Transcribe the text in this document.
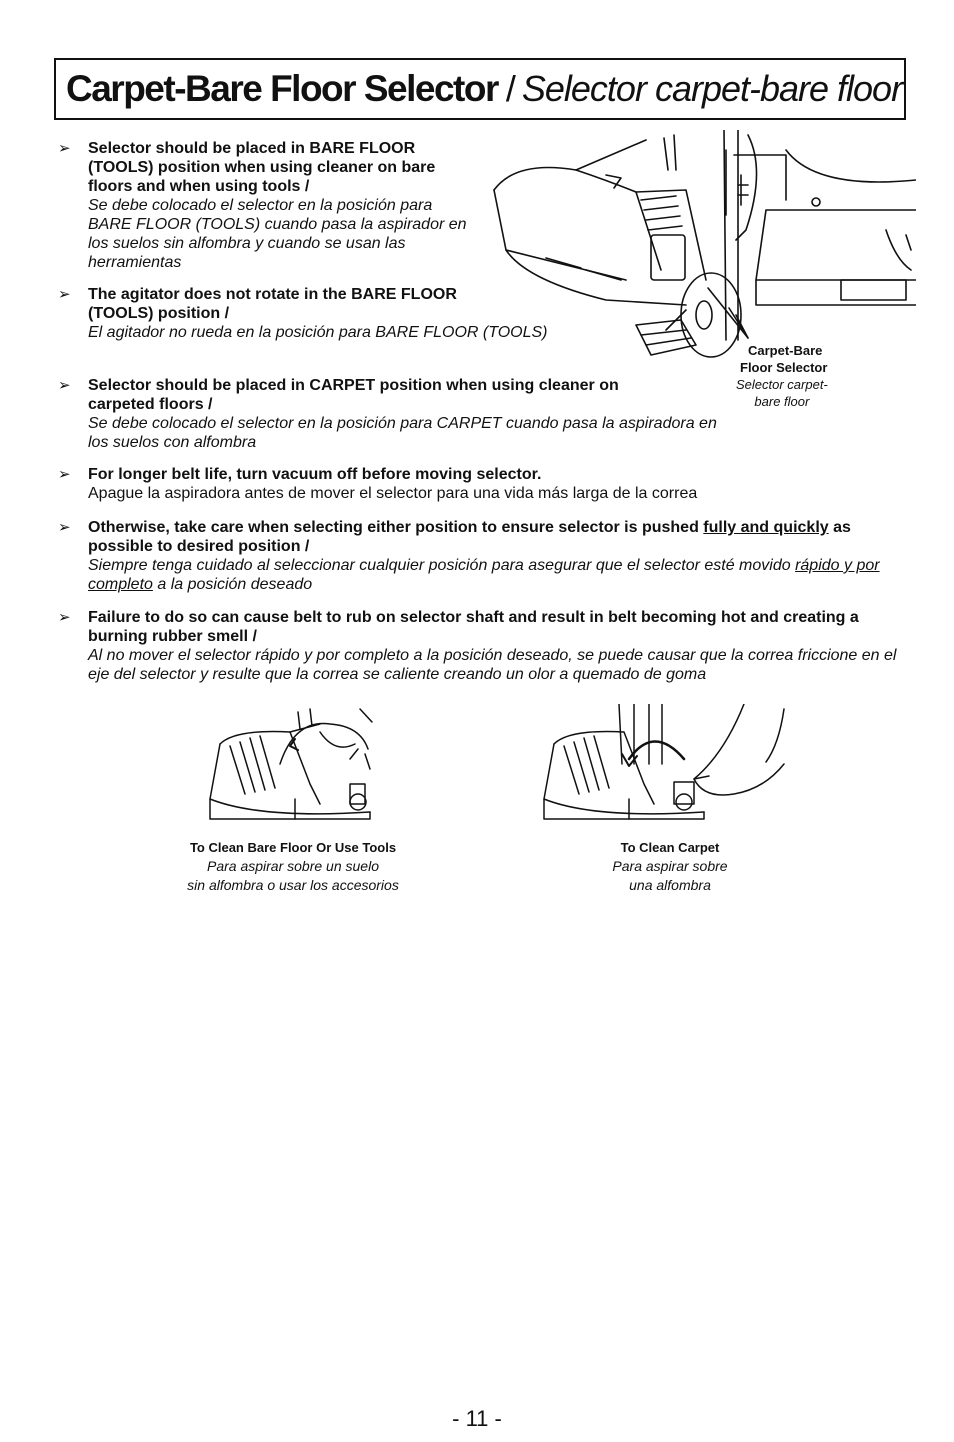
Carpet-Bare Floor Selector / Selector carpet-bare floor
➢	Selector should be placed in BARE FLOOR (TOOLS) position when using cleaner on bare floors and when using tools /
Se debe colocado el selector en la posición para BARE FLOOR (TOOLS) cuando pasa la aspirador en los suelos sin alfombra y cuando se usan las herramientas
➢	The agitator does not rotate in the BARE FLOOR (TOOLS) position /
El agitador no rueda en la posición para BARE FLOOR (TOOLS)
➢	Selector should be placed in CARPET position when using cleaner on carpeted floors /
Se debe colocado el selector en la posición para CARPET cuando pasa la aspiradora en los suelos con alfombra
➢	For longer belt life, turn vacuum off before moving selector.
Apague la aspiradora antes de mover el selector para una vida más larga de la correa
➢	Otherwise, take care when selecting either position to ensure selector is pushed fully and quickly as possible to desired position /
Siempre tenga cuidado al seleccionar cualquier posición para asegurar que el selector esté movido rápido y por completo a la posición deseado
➢	Failure to do so can cause belt to rub on selector shaft and result in belt becoming hot and creating a burning rubber smell /
Al no mover el selector rápido y por completo a la posición deseado, se puede causar que la correa friccione en el eje del selector y resulte que la correa se caliente creando un olor a quemado de goma
Carpet-Bare
Floor Selector
Selector carpet-
bare floor
To Clean Bare Floor Or Use Tools
Para aspirar sobre un suelo
sin alfombra o usar los accesorios
To Clean Carpet
Para aspirar sobre
una alfombra
- 11 -
